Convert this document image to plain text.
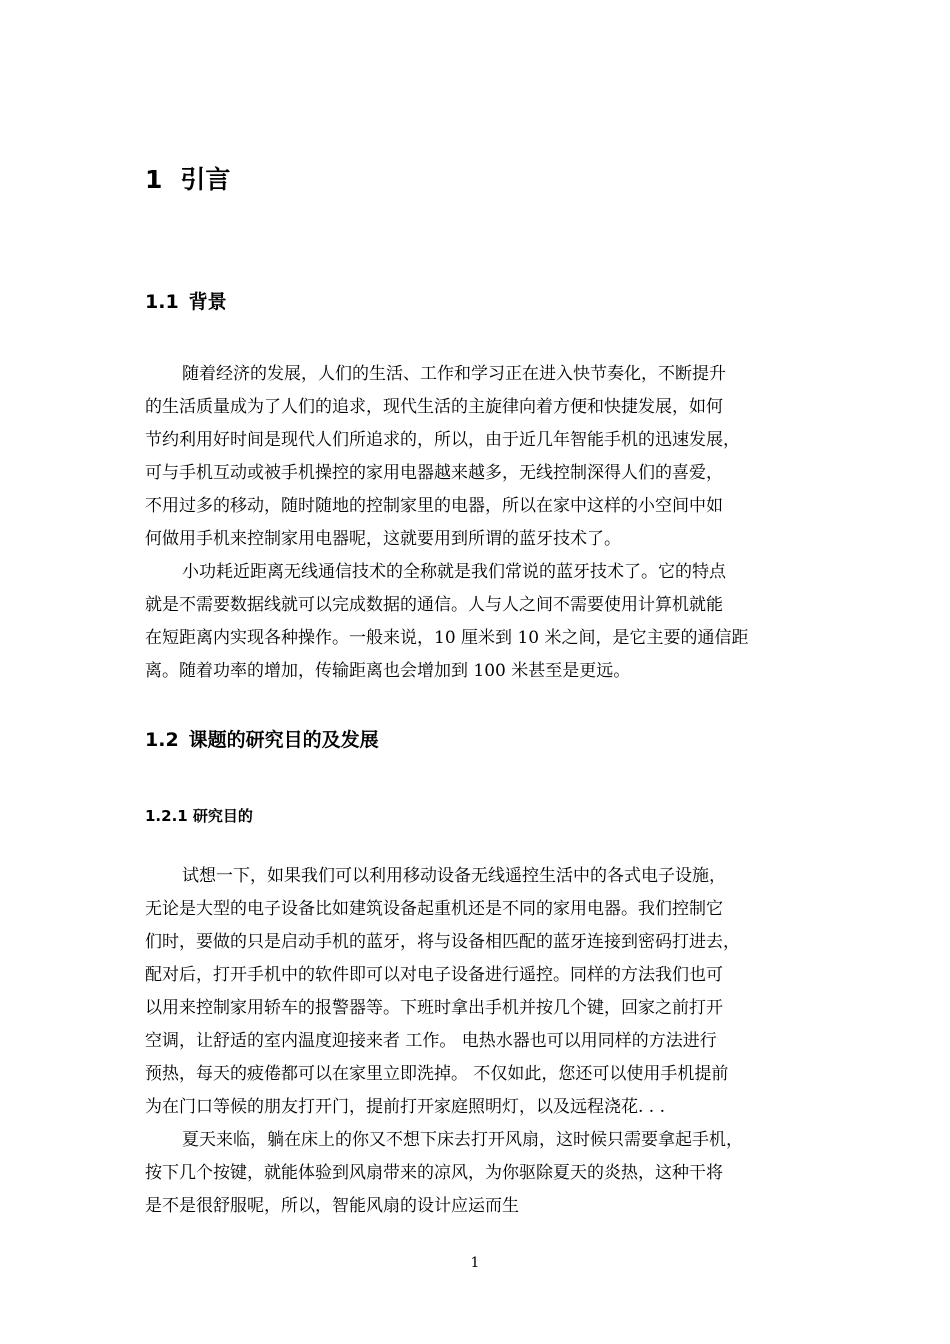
1 引言
1.1 背景
随着经济的发展，人们的生活、工作和学习正在进入快节奏化，不断提升
的生活质量成为了人们的追求，现代生活的主旋律向着方便和快捷发展，如何
节约利用好时间是现代人们所追求的，所以，由于近几年智能手机的迅速发展，
可与手机互动或被手机操控的家用电器越来越多，无线控制深得人们的喜爱，
不用过多的移动，随时随地的控制家里的电器，所以在家中这样的小空间中如
何做用手机来控制家用电器呢，这就要用到所谓的蓝牙技术了。
小功耗近距离无线通信技术的全称就是我们常说的蓝牙技术了。它的特点
就是不需要数据线就可以完成数据的通信。人与人之间不需要使用计算机就能
在短距离内实现各种操作。一般来说，10 厘米到 10 米之间，是它主要的通信距
离。随着功率的增加，传输距离也会增加到 100 米甚至是更远。
1.2 课题的研究目的及发展
1.2.1 研究目的
试想一下，如果我们可以利用移动设备无线遥控生活中的各式电子设施，
无论是大型的电子设备比如建筑设备起重机还是不同的家用电器。我们控制它
们时，要做的只是启动手机的蓝牙，将与设备相匹配的蓝牙连接到密码打进去，
配对后，打开手机中的软件即可以对电子设备进行遥控。同样的方法我们也可
以用来控制家用轿车的报警器等。下班时拿出手机并按几个键，回家之前打开
空调，让舒适的室内温度迎接来者 工作。 电热水器也可以用同样的方法进行
预热，每天的疲倦都可以在家里立即洗掉。 不仅如此，您还可以使用手机提前
为在门口等候的朋友打开门，提前打开家庭照明灯，以及远程浇花. . .
夏天来临，躺在床上的你又不想下床去打开风扇，这时候只需要拿起手机，
按下几个按键，就能体验到风扇带来的凉风，为你驱除夏天的炎热，这种干将
是不是很舒服呢，所以，智能风扇的设计应运而生
1
